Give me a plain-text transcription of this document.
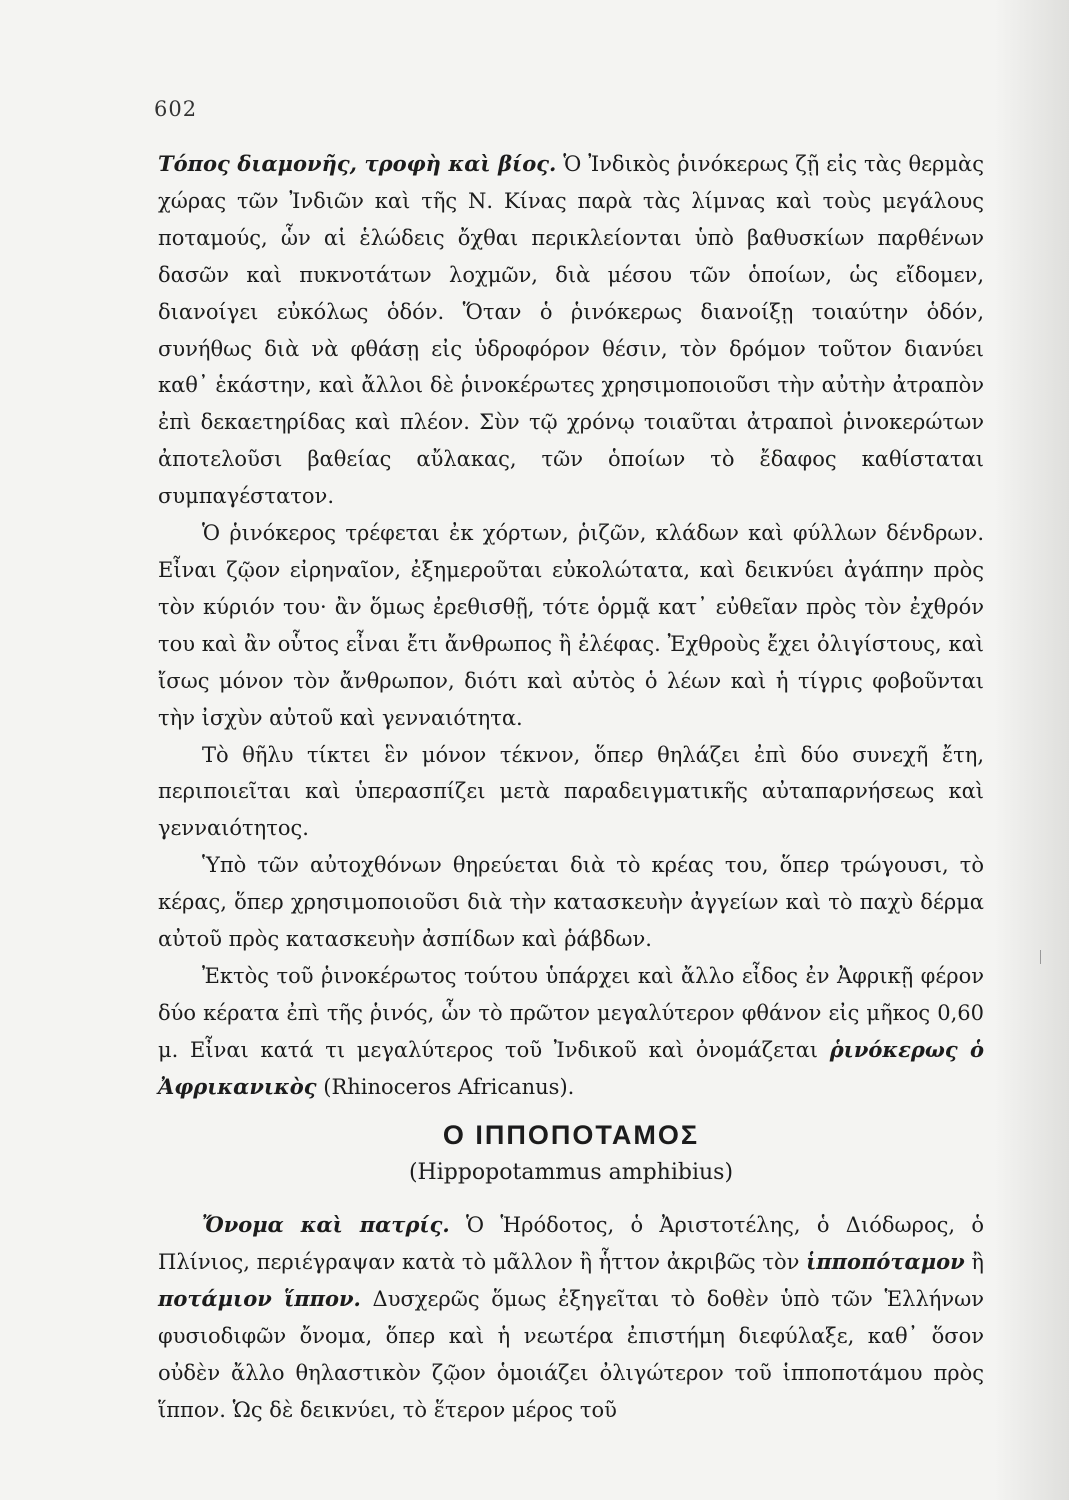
602

Τόπος διαμονῆς, τροφὴ καὶ βίος. Ὁ Ἰνδικὸς ῥινόκερως ζῇ εἰς τὰς θερμὰς χώρας τῶν Ἰνδιῶν καὶ τῆς Ν. Κίνας παρὰ τὰς λίμνας καὶ τοὺς μεγάλους ποταμούς, ὧν αἱ ἑλώδεις ὄχθαι περικλείονται ὑπὸ βαθυσκίων παρθένων δασῶν καὶ πυκνοτάτων λοχμῶν, διὰ μέσου τῶν ὁποίων, ὡς εἴδομεν, διανοίγει εὐκόλως ὁδόν. Ὅταν ὁ ῥινόκερως διανοίξῃ τοιαύτην ὁδόν, συνήθως διὰ νὰ φθάσῃ εἰς ὑδροφόρον θέσιν, τὸν δρόμον τοῦτον διανύει καθ᾽ ἑκάστην, καὶ ἄλλοι δὲ ῥινοκέρωτες χρησιμοποιοῦσι τὴν αὐτὴν ἀτραπὸν ἐπὶ δεκαετηρίδας καὶ πλέον. Σὺν τῷ χρόνῳ τοιαῦται ἀτραποὶ ῥινοκερώτων ἀποτελοῦσι βαθείας αὔλακας, τῶν ὁποίων τὸ ἔδαφος καθίσταται συμπαγέστατον.

Ὁ ῥινόκερος τρέφεται ἐκ χόρτων, ῥιζῶν, κλάδων καὶ φύλλων δένδρων. Εἶναι ζῷον εἰρηναῖον, ἐξημεροῦται εὐκολώτατα, καὶ δεικνύει ἀγάπην πρὸς τὸν κύριόν του· ἂν ὅμως ἐρεθισθῇ, τότε ὁρμᾷ κατ᾽ εὐθεῖαν πρὸς τὸν ἐχθρόν του καὶ ἂν οὗτος εἶναι ἔτι ἄνθρωπος ἢ ἐλέφας. Ἐχθροὺς ἔχει ὀλιγίστους, καὶ ἴσως μόνον τὸν ἄνθρωπον, διότι καὶ αὐτὸς ὁ λέων καὶ ἡ τίγρις φοβοῦνται τὴν ἰσχὺν αὐτοῦ καὶ γενναιότητα.

Τὸ θῆλυ τίκτει ἓν μόνον τέκνον, ὅπερ θηλάζει ἐπὶ δύο συνεχῆ ἔτη, περιποιεῖται καὶ ὑπερασπίζει μετὰ παραδειγματικῆς αὐταπαρνήσεως καὶ γενναιότητος.

Ὑπὸ τῶν αὐτοχθόνων θηρεύεται διὰ τὸ κρέας του, ὅπερ τρώγουσι, τὸ κέρας, ὅπερ χρησιμοποιοῦσι διὰ τὴν κατασκευὴν ἀγγείων καὶ τὸ παχὺ δέρμα αὐτοῦ πρὸς κατασκευὴν ἀσπίδων καὶ ῥάβδων.

Ἐκτὸς τοῦ ῥινοκέρωτος τούτου ὑπάρχει καὶ ἄλλο εἶδος ἐν Ἀφρικῇ φέρον δύο κέρατα ἐπὶ τῆς ῥινός, ὧν τὸ πρῶτον μεγαλύτερον φθάνον εἰς μῆκος 0,60 μ. Εἶναι κατά τι μεγαλύτερος τοῦ Ἰνδικοῦ καὶ ὀνομάζεται ῥινόκερως ὁ Ἀφρικανικὸς (Rhinoceros Africanus).

Ο ΙΠΠΟΠΟΤΑΜΟΣ
(Hippopotammus amphibius)

Ὄνομα καὶ πατρίς. Ὁ Ἡρόδοτος, ὁ Ἀριστοτέλης, ὁ Διόδωρος, ὁ Πλίνιος, περιέγραψαν κατὰ τὸ μᾶλλον ἢ ἧττον ἀκριβῶς τὸν ἱπποπόταμον ἢ ποτάμιον ἵππον. Δυσχερῶς ὅμως ἐξηγεῖται τὸ δοθὲν ὑπὸ τῶν Ἑλλήνων φυσιοδιφῶν ὄνομα, ὅπερ καὶ ἡ νεωτέρα ἐπιστήμη διεφύλαξε, καθ᾽ ὅσον οὐδὲν ἄλλο θηλαστικὸν ζῷον ὁμοιάζει ὀλιγώτερον τοῦ ἱπποποτάμου πρὸς ἵππον. Ὡς δὲ δεικνύει, τὸ ἕτερον μέρος τοῦ
